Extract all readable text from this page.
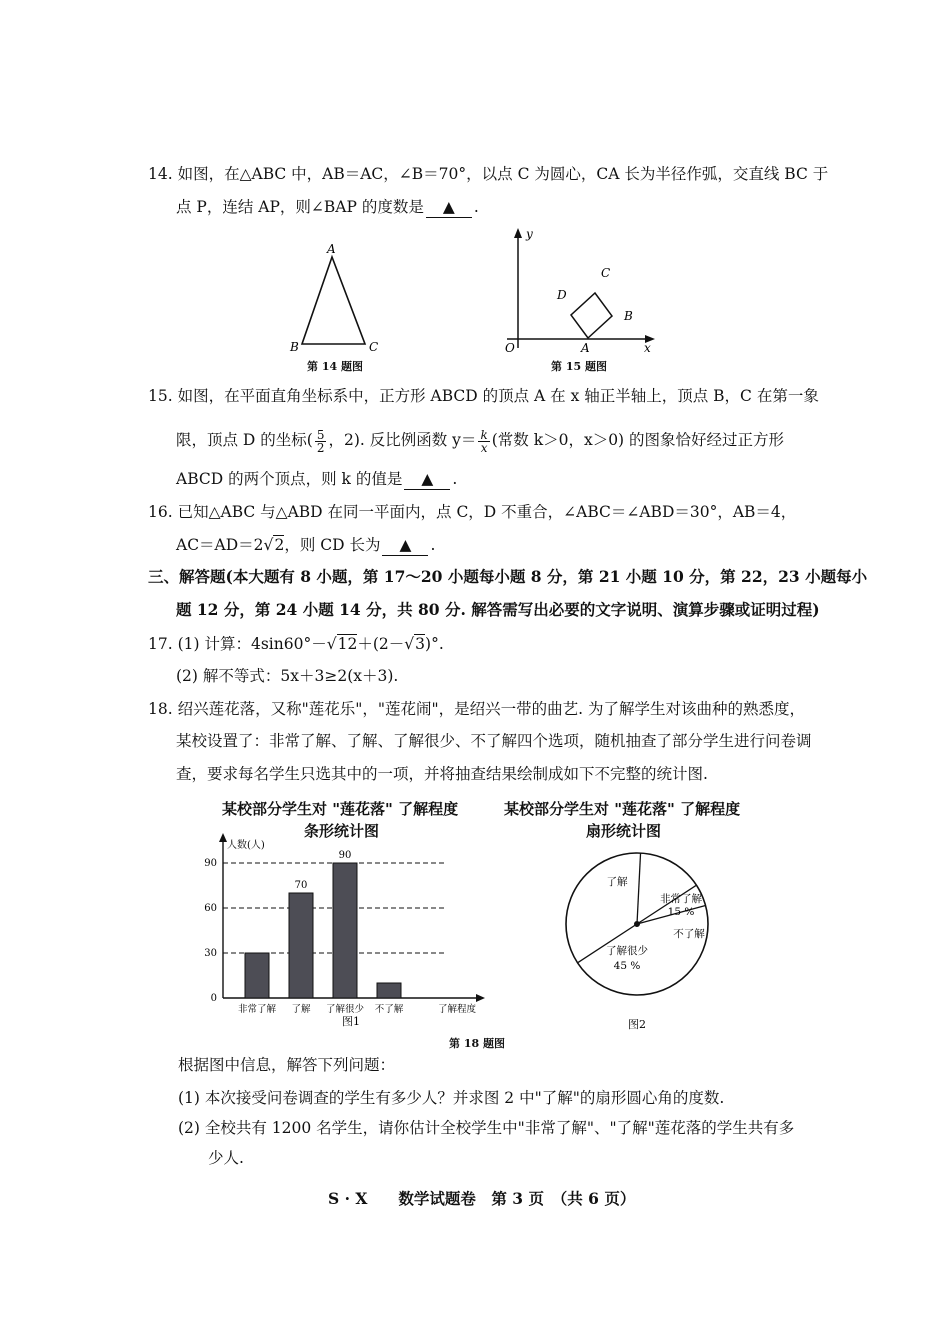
14. 如图，在△ABC 中，AB＝AC，∠B＝70°，以点 C 为圆心，CA 长为半径作弧，交直线 BC 于
点 P，连结 AP，则∠BAP 的度数是 ▲ .
A
B	C
第 14 题图
y
x
O	A
B
C
D
第 15 题图
15. 如图，在平面直角坐标系中，正方形 ABCD 的顶点 A 在 x 轴正半轴上，顶点 B，C 在第一象
限，顶点 D 的坐标( $\frac{5}{2}$ ，2). 反比例函数 $y= \frac{k}{x}$ (常数 k＞0，x＞0) 的图象恰好经过正方形
ABCD 的两个顶点，则 k 的值是 ▲ .
16. 已知△ABC 与△ABD 在同一平面内，点 C，D 不重合，∠ABC＝∠ABD＝30°，AB＝4，
AC＝AD＝2√2，则 CD 长为 ▲ .
三、解答题(本大题有 8 小题，第 17～20 小题每小题 8 分，第 21 小题 10 分，第 22，23 小题每小
题 12 分，第 24 小题 14 分，共 80 分. 解答需写出必要的文字说明、演算步骤或证明过程)
17. (1) 计算：4sin60°－√12＋(2－√3)°.
(2) 解不等式：5x＋3≥2(x＋3).
18. 绍兴莲花落，又称"莲花乐"，"莲花闹"，是绍兴一带的曲艺. 为了解学生对该曲种的熟悉度，
某校设置了：非常了解、了解、了解很少、不了解四个选项，随机抽查了部分学生进行问卷调
查，要求每名学生只选其中的一项，并将抽查结果绘制成如下不完整的统计图.
某校部分学生对 "莲花落" 了解程度
条形统计图
某校部分学生对 "莲花落" 了解程度
扇形统计图
人数(人)
0
30
60
90
非常了解 了解 了解很少 不了解
70
90
了解程度
图1
非常了解
15 %
不了解
了解很少
45 %
了解
图2
第 18 题图
根据图中信息，解答下列问题：
(1) 本次接受问卷调查的学生有多少人？并求图 2 中"了解"的扇形圆心角的度数.
(2) 全校共有 1200 名学生，请你估计全校学生中"非常了解"、"了解"莲花落的学生共有多
少人.
S · X　　数学试题卷　第 3 页　（共 6 页）
